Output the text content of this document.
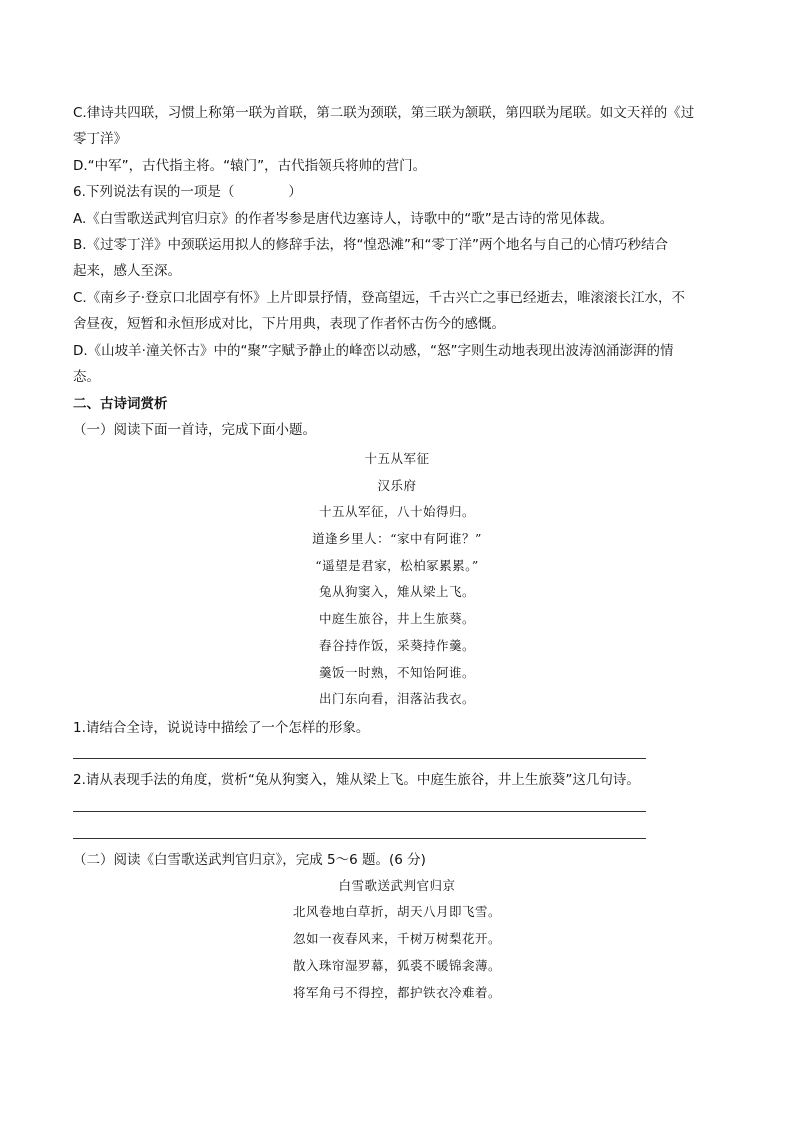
C.律诗共四联，习惯上称第一联为首联，第二联为颈联，第三联为颔联，第四联为尾联。如文天祥的《过
零丁洋》
D.“中军”，古代指主将。“辕门”，古代指领兵将帅的营门。
6.下列说法有误的一项是（　　　　）
A.《白雪歌送武判官归京》的作者岑参是唐代边塞诗人，诗歌中的“歌”是古诗的常见体裁。
B.《过零丁洋》中颈联运用拟人的修辞手法，将“惶恐滩”和“零丁洋”两个地名与自己的心情巧秒结合
起来，感人至深。
C.《南乡子·登京口北固亭有怀》上片即景抒情，登高望远，千古兴亡之事已经逝去，唯滚滚长江水，不
舍昼夜，短暂和永恒形成对比，下片用典，表现了作者怀古伤今的感慨。
D.《山坡羊·潼关怀古》中的“聚”字赋予静止的峰峦以动感，“怒”字则生动地表现出波涛汹涌澎湃的情
态。
二、古诗词赏析
（一）阅读下面一首诗，完成下面小题。
十五从军征
汉乐府
十五从军征，八十始得归。
道逢乡里人：“家中有阿谁？”
“遥望是君家，松柏冢累累。”
兔从狗窦入，雉从梁上飞。
中庭生旅谷，井上生旅葵。
舂谷持作饭，采葵持作羹。
羹饭一时熟，不知饴阿谁。
出门东向看，泪落沾我衣。
1.请结合全诗，说说诗中描绘了一个怎样的形象。
2.请从表现手法的角度，赏析“兔从狗窦入，雉从梁上飞。中庭生旅谷，井上生旅葵”这几句诗。
（二）阅读《白雪歌送武判官归京》，完成 5～6 题。(6 分)
白雪歌送武判官归京
北风卷地白草折，胡天八月即飞雪。
忽如一夜春风来，千树万树梨花开。
散入珠帘湿罗幕，狐裘不暖锦衾薄。
将军角弓不得控，都护铁衣冷难着。
